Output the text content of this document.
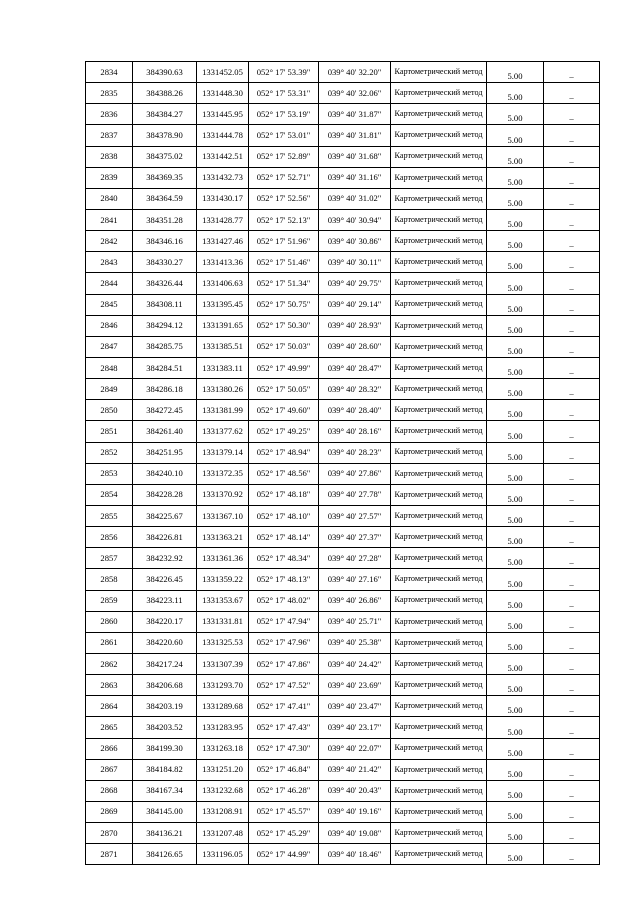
2834	384390.63	1331452.05	052° 17' 53.39"	039° 40' 32.20"	Картометрический метод	5.00	–
2835	384388.26	1331448.30	052° 17' 53.31"	039° 40' 32.06"	Картометрический метод	5.00	–
2836	384384.27	1331445.95	052° 17' 53.19"	039° 40' 31.87"	Картометрический метод	5.00	–
2837	384378.90	1331444.78	052° 17' 53.01"	039° 40' 31.81"	Картометрический метод	5.00	–
2838	384375.02	1331442.51	052° 17' 52.89"	039° 40' 31.68"	Картометрический метод	5.00	–
2839	384369.35	1331432.73	052° 17' 52.71"	039° 40' 31.16"	Картометрический метод	5.00	–
2840	384364.59	1331430.17	052° 17' 52.56"	039° 40' 31.02"	Картометрический метод	5.00	–
2841	384351.28	1331428.77	052° 17' 52.13"	039° 40' 30.94"	Картометрический метод	5.00	–
2842	384346.16	1331427.46	052° 17' 51.96"	039° 40' 30.86"	Картометрический метод	5.00	–
2843	384330.27	1331413.36	052° 17' 51.46"	039° 40' 30.11"	Картометрический метод	5.00	–
2844	384326.44	1331406.63	052° 17' 51.34"	039° 40' 29.75"	Картометрический метод	5.00	–
2845	384308.11	1331395.45	052° 17' 50.75"	039° 40' 29.14"	Картометрический метод	5.00	–
2846	384294.12	1331391.65	052° 17' 50.30"	039° 40' 28.93"	Картометрический метод	5.00	–
2847	384285.75	1331385.51	052° 17' 50.03"	039° 40' 28.60"	Картометрический метод	5.00	–
2848	384284.51	1331383.11	052° 17' 49.99"	039° 40' 28.47"	Картометрический метод	5.00	–
2849	384286.18	1331380.26	052° 17' 50.05"	039° 40' 28.32"	Картометрический метод	5.00	–
2850	384272.45	1331381.99	052° 17' 49.60"	039° 40' 28.40"	Картометрический метод	5.00	–
2851	384261.40	1331377.62	052° 17' 49.25"	039° 40' 28.16"	Картометрический метод	5.00	–
2852	384251.95	1331379.14	052° 17' 48.94"	039° 40' 28.23"	Картометрический метод	5.00	–
2853	384240.10	1331372.35	052° 17' 48.56"	039° 40' 27.86"	Картометрический метод	5.00	–
2854	384228.28	1331370.92	052° 17' 48.18"	039° 40' 27.78"	Картометрический метод	5.00	–
2855	384225.67	1331367.10	052° 17' 48.10"	039° 40' 27.57"	Картометрический метод	5.00	–
2856	384226.81	1331363.21	052° 17' 48.14"	039° 40' 27.37"	Картометрический метод	5.00	–
2857	384232.92	1331361.36	052° 17' 48.34"	039° 40' 27.28"	Картометрический метод	5.00	–
2858	384226.45	1331359.22	052° 17' 48.13"	039° 40' 27.16"	Картометрический метод	5.00	–
2859	384223.11	1331353.67	052° 17' 48.02"	039° 40' 26.86"	Картометрический метод	5.00	–
2860	384220.17	1331331.81	052° 17' 47.94"	039° 40' 25.71"	Картометрический метод	5.00	–
2861	384220.60	1331325.53	052° 17' 47.96"	039° 40' 25.38"	Картометрический метод	5.00	–
2862	384217.24	1331307.39	052° 17' 47.86"	039° 40' 24.42"	Картометрический метод	5.00	–
2863	384206.68	1331293.70	052° 17' 47.52"	039° 40' 23.69"	Картометрический метод	5.00	–
2864	384203.19	1331289.68	052° 17' 47.41"	039° 40' 23.47"	Картометрический метод	5.00	–
2865	384203.52	1331283.95	052° 17' 47.43"	039° 40' 23.17"	Картометрический метод	5.00	–
2866	384199.30	1331263.18	052° 17' 47.30"	039° 40' 22.07"	Картометрический метод	5.00	–
2867	384184.82	1331251.20	052° 17' 46.84"	039° 40' 21.42"	Картометрический метод	5.00	–
2868	384167.34	1331232.68	052° 17' 46.28"	039° 40' 20.43"	Картометрический метод	5.00	–
2869	384145.00	1331208.91	052° 17' 45.57"	039° 40' 19.16"	Картометрический метод	5.00	–
2870	384136.21	1331207.48	052° 17' 45.29"	039° 40' 19.08"	Картометрический метод	5.00	–
2871	384126.65	1331196.05	052° 17' 44.99"	039° 40' 18.46"	Картометрический метод	5.00	–
